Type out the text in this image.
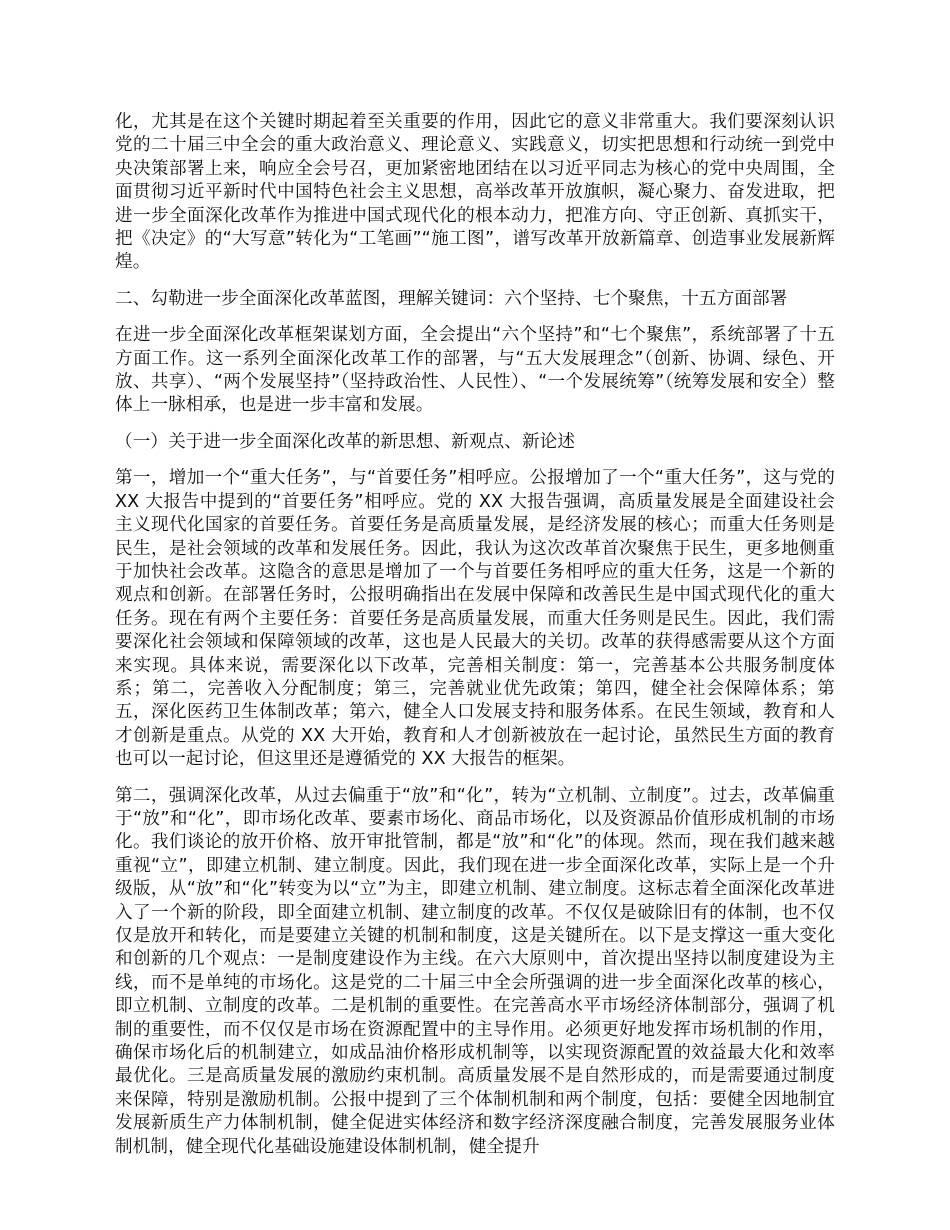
化，尤其是在这个关键时期起着至关重要的作用，因此它的意义非常重大。我们要深刻认识党的二十届三中全会的重大政治意义、理论意义、实践意义，切实把思想和行动统一到党中央决策部署上来，响应全会号召，更加紧密地团结在以习近平同志为核心的党中央周围，全面贯彻习近平新时代中国特色社会主义思想，高举改革开放旗帜，凝心聚力、奋发进取，把进一步全面深化改革作为推进中国式现代化的根本动力，把准方向、守正创新、真抓实干，把《决定》的“大写意”转化为“工笔画”“施工图”，谱写改革开放新篇章、创造事业发展新辉煌。

二、勾勒进一步全面深化改革蓝图，理解关键词：六个坚持、七个聚焦，十五方面部署

在进一步全面深化改革框架谋划方面，全会提出“六个坚持”和“七个聚焦”，系统部署了十五方面工作。这一系列全面深化改革工作的部署，与“五大发展理念”（创新、协调、绿色、开放、共享）、“两个发展坚持”（坚持政治性、人民性）、“一个发展统筹”（统筹发展和安全）整体上一脉相承，也是进一步丰富和发展。

（一）关于进一步全面深化改革的新思想、新观点、新论述

第一，增加一个“重大任务”，与“首要任务”相呼应。公报增加了一个“重大任务”，这与党的 XX 大报告中提到的“首要任务”相呼应。党的 XX 大报告强调，高质量发展是全面建设社会主义现代化国家的首要任务。首要任务是高质量发展，是经济发展的核心；而重大任务则是民生，是社会领域的改革和发展任务。因此，我认为这次改革首次聚焦于民生，更多地侧重于加快社会改革。这隐含的意思是增加了一个与首要任务相呼应的重大任务，这是一个新的观点和创新。在部署任务时，公报明确指出在发展中保障和改善民生是中国式现代化的重大任务。现在有两个主要任务：首要任务是高质量发展，而重大任务则是民生。因此，我们需要深化社会领域和保障领域的改革，这也是人民最大的关切。改革的获得感需要从这个方面来实现。具体来说，需要深化以下改革，完善相关制度：第一，完善基本公共服务制度体系；第二，完善收入分配制度；第三，完善就业优先政策；第四，健全社会保障体系；第五，深化医药卫生体制改革；第六，健全人口发展支持和服务体系。在民生领域，教育和人才创新是重点。从党的 XX 大开始，教育和人才创新被放在一起讨论，虽然民生方面的教育也可以一起讨论，但这里还是遵循党的 XX 大报告的框架。

第二，强调深化改革，从过去偏重于“放”和“化”，转为“立机制、立制度”。过去，改革偏重于“放”和“化”，即市场化改革、要素市场化、商品市场化，以及资源品价值形成机制的市场化。我们谈论的放开价格、放开审批管制，都是“放”和“化”的体现。然而，现在我们越来越重视“立”，即建立机制、建立制度。因此，我们现在进一步全面深化改革，实际上是一个升级版，从“放”和“化”转变为以“立”为主，即建立机制、建立制度。这标志着全面深化改革进入了一个新的阶段，即全面建立机制、建立制度的改革。不仅仅是破除旧有的体制，也不仅仅是放开和转化，而是要建立关键的机制和制度，这是关键所在。以下是支撑这一重大变化和创新的几个观点：一是制度建设作为主线。在六大原则中，首次提出坚持以制度建设为主线，而不是单纯的市场化。这是党的二十届三中全会所强调的进一步全面深化改革的核心，即立机制、立制度的改革。二是机制的重要性。在完善高水平市场经济体制部分，强调了机制的重要性，而不仅仅是市场在资源配置中的主导作用。必须更好地发挥市场机制的作用，确保市场化后的机制建立，如成品油价格形成机制等，以实现资源配置的效益最大化和效率最优化。三是高质量发展的激励约束机制。高质量发展不是自然形成的，而是需要通过制度来保障，特别是激励机制。公报中提到了三个体制机制和两个制度，包括：要健全因地制宜发展新质生产力体制机制，健全促进实体经济和数字经济深度融合制度，完善发展服务业体制机制，健全现代化基础设施建设体制机制，健全提升
